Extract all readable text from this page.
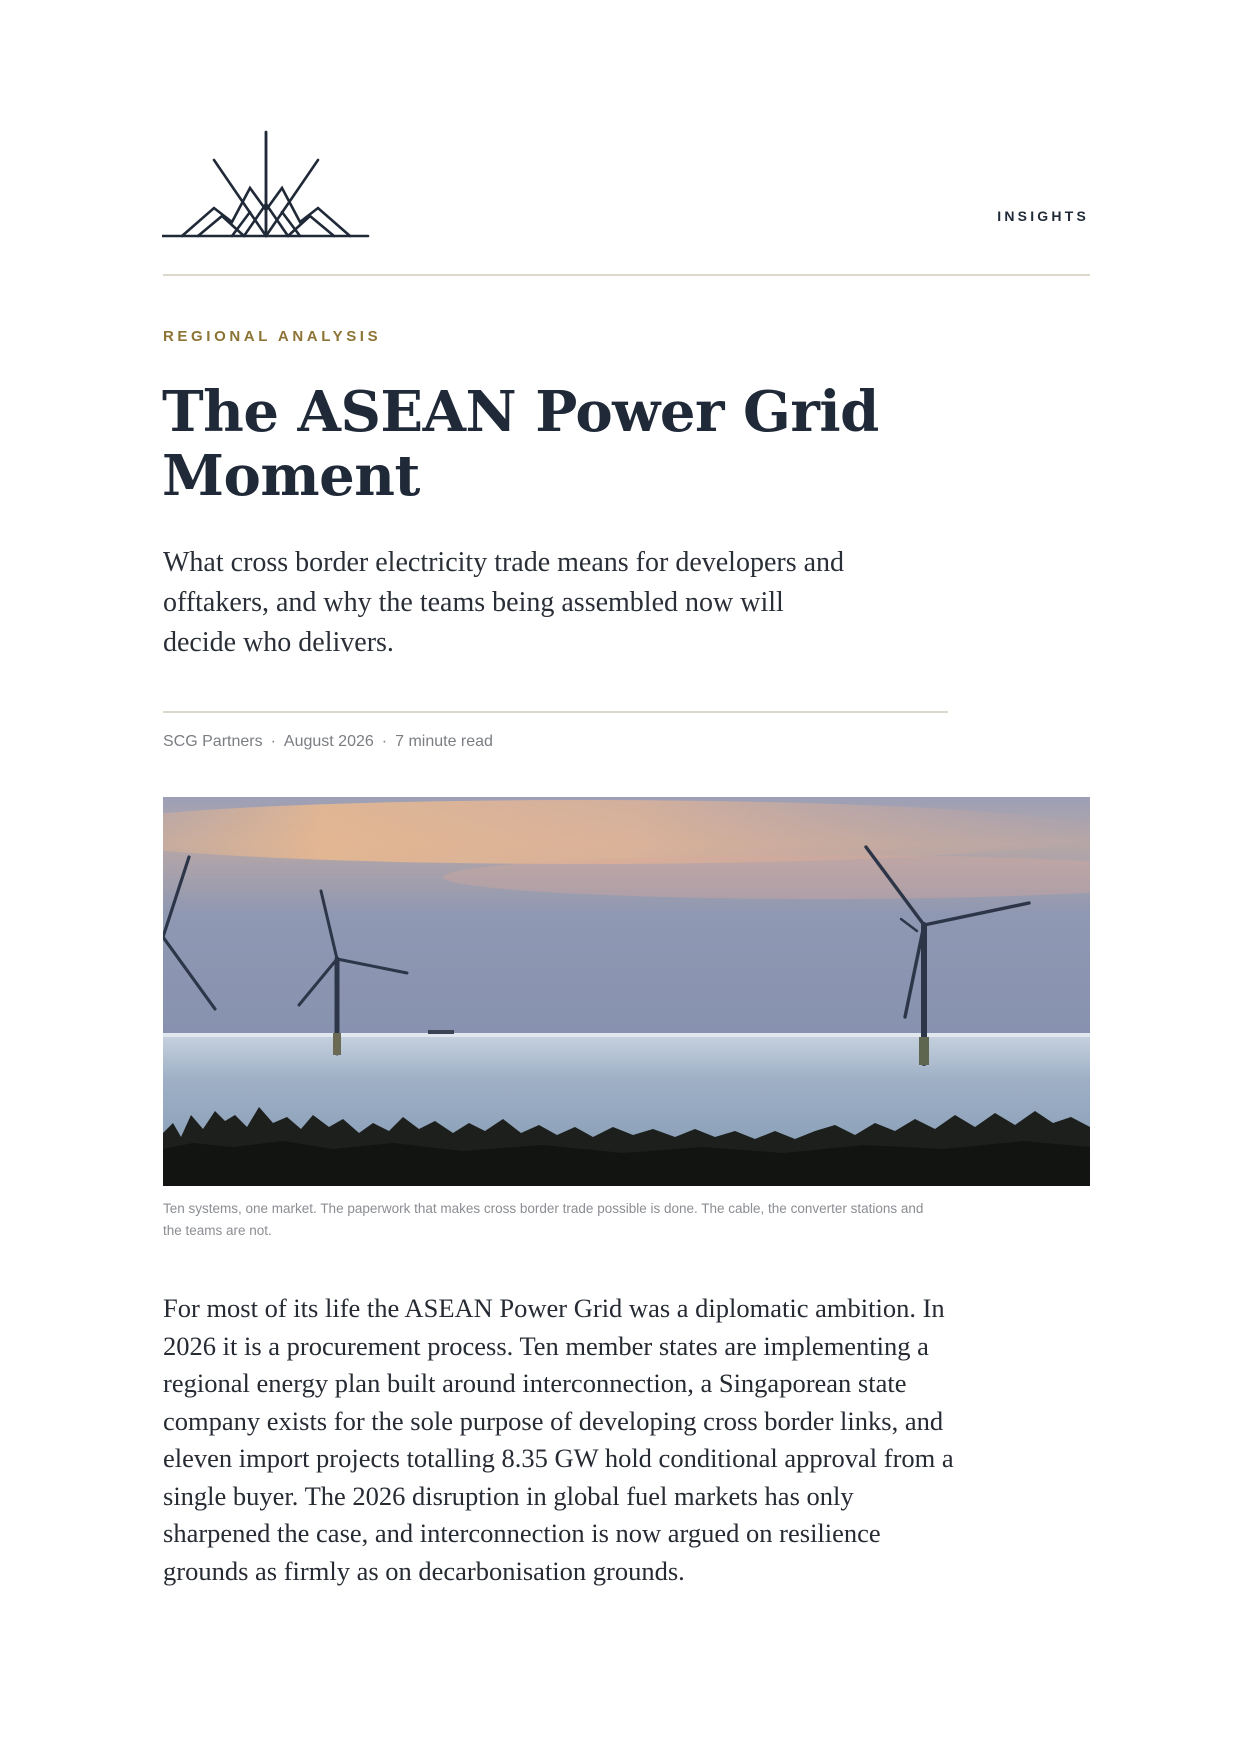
INSIGHTS
REGIONAL ANALYSIS
The ASEAN Power Grid
Moment

What cross border electricity trade means for developers and offtakers, and why the teams being assembled now will decide who delivers.

SCG Partners · August 2026 · 7 minute read

Ten systems, one market. The paperwork that makes cross border trade possible is done. The cable, the converter stations and the teams are not.

For most of its life the ASEAN Power Grid was a diplomatic ambition. In 2026 it is a procurement process. Ten member states are implementing a regional energy plan built around interconnection, a Singaporean state company exists for the sole purpose of developing cross border links, and eleven import projects totalling 8.35 GW hold conditional approval from a single buyer. The 2026 disruption in global fuel markets has only sharpened the case, and interconnection is now argued on resilience grounds as firmly as on decarbonisation grounds.
